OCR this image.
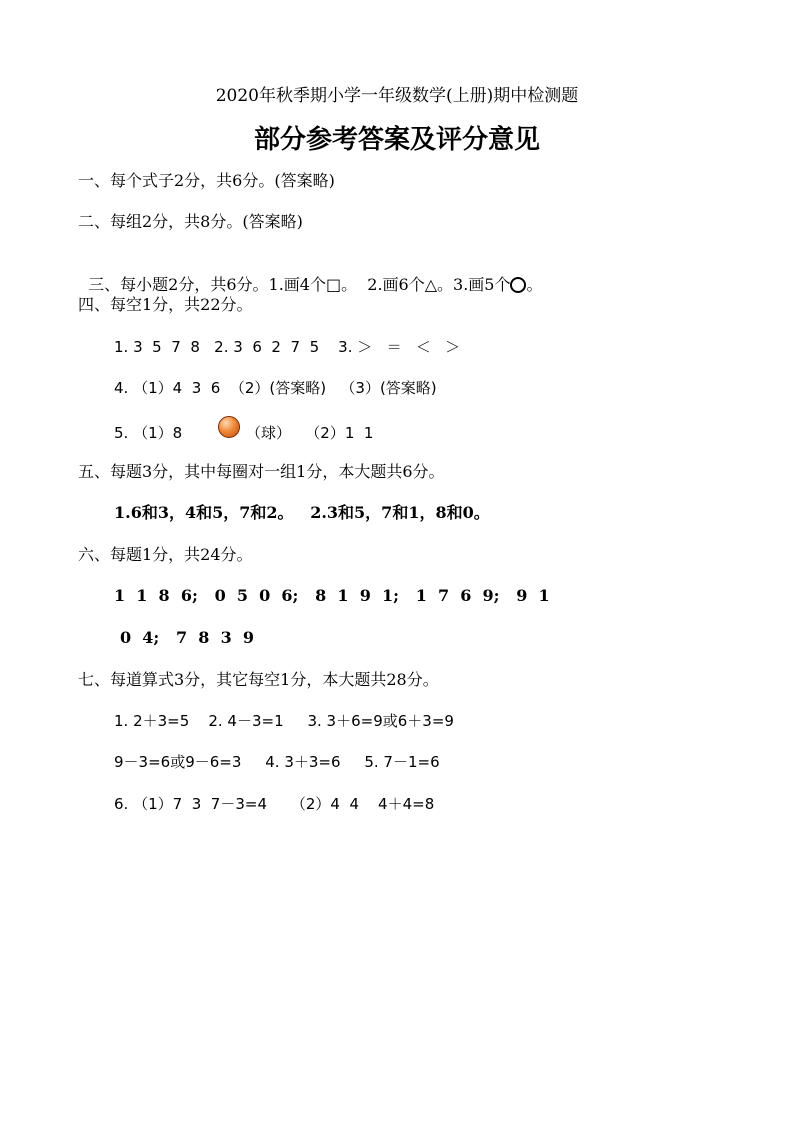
2020年秋季期小学一年级数学(上册)期中检测题
部分参考答案及评分意见
一、每个式子2分，共6分。(答案略)
二、每组2分，共8分。(答案略)

三、每小题2分，共6分。1.画4个□。  2.画6个△。3.画5个 。

四、每空1分，共22分。
1. 3  5  7  8   2. 3  6  2  7  5    3. ＞   ＝   ＜   ＞
4. （1）4  3  6  （2）(答案略)   （3）(答案略)
5. （1）8	（球）   （2）1  1
五、每题3分，其中每圈对一组1分，本大题共6分。
1.6和3，4和5，7和2。   2.3和5，7和1，8和0。
六、每题1分，共24分。
1  1  8  6;   0  5  0  6;   8  1  9  1;   1  7  6  9;   9  1
0  4;   7  8  3  9
七、每道算式3分，其它每空1分，本大题共28分。
1. 2＋3=5    2. 4－3=1     3. 3＋6=9或6＋3=9
9－3=6或9－6=3     4. 3＋3=6     5. 7－1=6
6. （1）7  3  7－3=4     （2）4  4    4＋4=8
